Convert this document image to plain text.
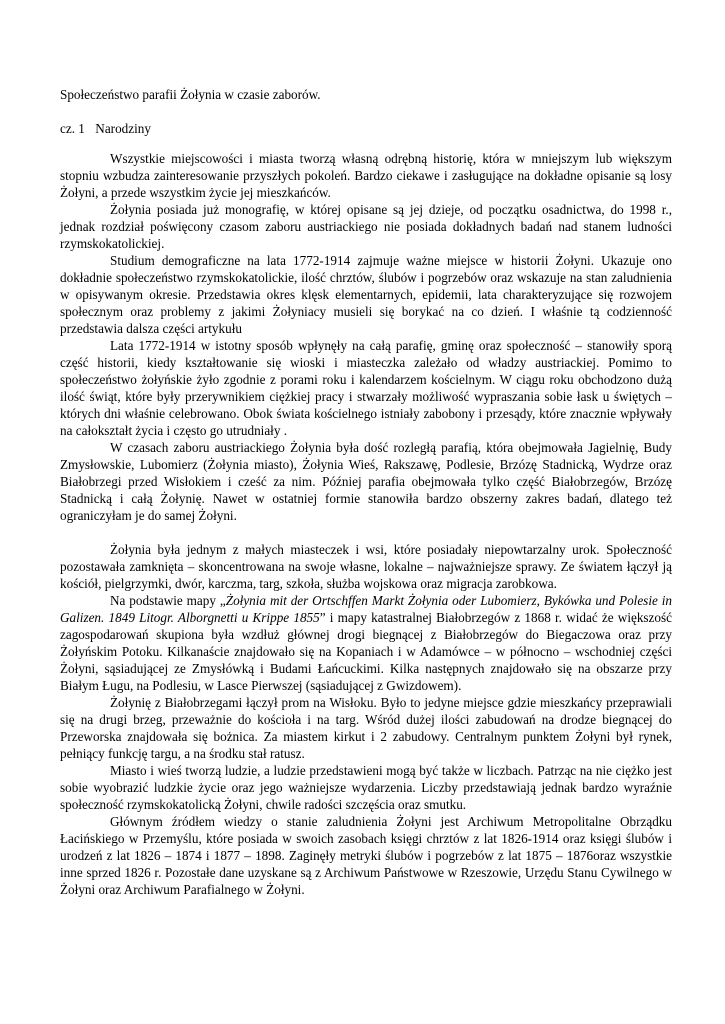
Społeczeństwo parafii Żołynia w czasie zaborów.
cz. 1 Narodziny

Wszystkie miejscowości i miasta tworzą własną odrębną historię, która w mniejszym lub większym stopniu wzbudza zainteresowanie przyszłych pokoleń. Bardzo ciekawe i zasługujące na dokładne opisanie są losy Żołyni, a przede wszystkim życie jej mieszkańców.

Żołynia posiada już monografię, w której opisane są jej dzieje, od początku osadnictwa, do 1998 r., jednak rozdział poświęcony czasom zaboru austriackiego nie posiada dokładnych badań nad stanem ludności rzymskokatolickiej.

Studium demograficzne na lata 1772-1914 zajmuje ważne miejsce w historii Żołyni. Ukazuje ono dokładnie społeczeństwo rzymskokatolickie, ilość chrztów, ślubów i pogrzebów oraz wskazuje na stan zaludnienia w opisywanym okresie. Przedstawia okres klęsk elementarnych, epidemii, lata charakteryzujące się rozwojem społecznym oraz problemy z jakimi Żołyniacy musieli się borykać na co dzień. I właśnie tą codzienność przedstawia dalsza części artykułu

Lata 1772-1914 w istotny sposób wpłynęły na całą parafię, gminę oraz społeczność – stanowiły sporą część historii, kiedy kształtowanie się wioski i miasteczka zależało od władzy austriackiej. Pomimo to społeczeństwo żołyńskie żyło zgodnie z porami roku i kalendarzem kościelnym. W ciągu roku obchodzono dużą ilość świąt, które były przerywnikiem ciężkiej pracy i stwarzały możliwość wypraszania sobie łask u świętych – których dni właśnie celebrowano. Obok świata kościelnego istniały zabobony i przesądy, które znacznie wpływały na całokształt życia i często go utrudniały .

W czasach zaboru austriackiego Żołynia była dość rozległą parafią, która obejmowała Jagielnię, Budy Zmysłowskie, Lubomierz (Żołynia miasto), Żołynia Wieś, Rakszawę, Podlesie, Brzózę Stadnicką, Wydrze oraz Białobrzegi przed Wisłokiem i cześć za nim. Później parafia obejmowała tylko część Białobrzegów, Brzózę Stadnicką i całą Żołynię. Nawet w ostatniej formie stanowiła bardzo obszerny zakres badań, dlatego też ograniczyłam je do samej Żołyni.

Żołynia była jednym z małych miasteczek i wsi, które posiadały niepowtarzalny urok. Społeczność pozostawała zamknięta – skoncentrowana na swoje własne, lokalne – najważniejsze sprawy. Ze światem łączył ją kościół, pielgrzymki, dwór, karczma, targ, szkoła, służba wojskowa oraz migracja zarobkowa.

Na podstawie mapy „Żołynia mit der Ortschffen Markt Żołynia oder Lubomierz, Bykówka und Polesie in Galizen. 1849 Litogr. Alborgnetti u Krippe 1855” i mapy katastralnej Białobrzegów z 1868 r. widać że większość zagospodarowań skupiona była wzdłuż głównej drogi biegnącej z Białobrzegów do Biegaczowa oraz przy Żołyńskim Potoku. Kilkanaście znajdowało się na Kopaniach i w Adamówce – w północno – wschodniej części Żołyni, sąsiadującej ze Zmysłówką i Budami Łańcuckimi. Kilka następnych znajdowało się na obszarze przy Białym Ługu, na Podlesiu, w Lasce Pierwszej (sąsiadującej z Gwizdowem).

Żołynię z Białobrzegami łączył prom na Wisłoku. Było to jedyne miejsce gdzie mieszkańcy przeprawiali się na drugi brzeg, przeważnie do kościoła i na targ. Wśród dużej ilości zabudowań na drodze biegnącej do Przeworska znajdowała się bożnica. Za miastem kirkut i 2 zabudowy. Centralnym punktem Żołyni był rynek, pełniący funkcję targu, a na środku stał ratusz.

Miasto i wieś tworzą ludzie, a ludzie przedstawieni mogą być także w liczbach. Patrząc na nie ciężko jest sobie wyobrazić ludzkie życie oraz jego ważniejsze wydarzenia. Liczby przedstawiają jednak bardzo wyraźnie społeczność rzymskokatolicką Żołyni, chwile radości szczęścia oraz smutku.

Głównym źródłem wiedzy o stanie zaludnienia Żołyni jest Archiwum Metropolitalne Obrządku Łacińskiego w Przemyślu, które posiada w swoich zasobach księgi chrztów z lat 1826-1914 oraz księgi ślubów i urodzeń z lat 1826 – 1874 i 1877 – 1898. Zaginęły metryki ślubów i pogrzebów z lat 1875 – 1876oraz wszystkie inne sprzed 1826 r. Pozostałe dane uzyskane są z Archiwum Państwowe w Rzeszowie, Urzędu Stanu Cywilnego w Żołyni oraz Archiwum Parafialnego w Żołyni.
